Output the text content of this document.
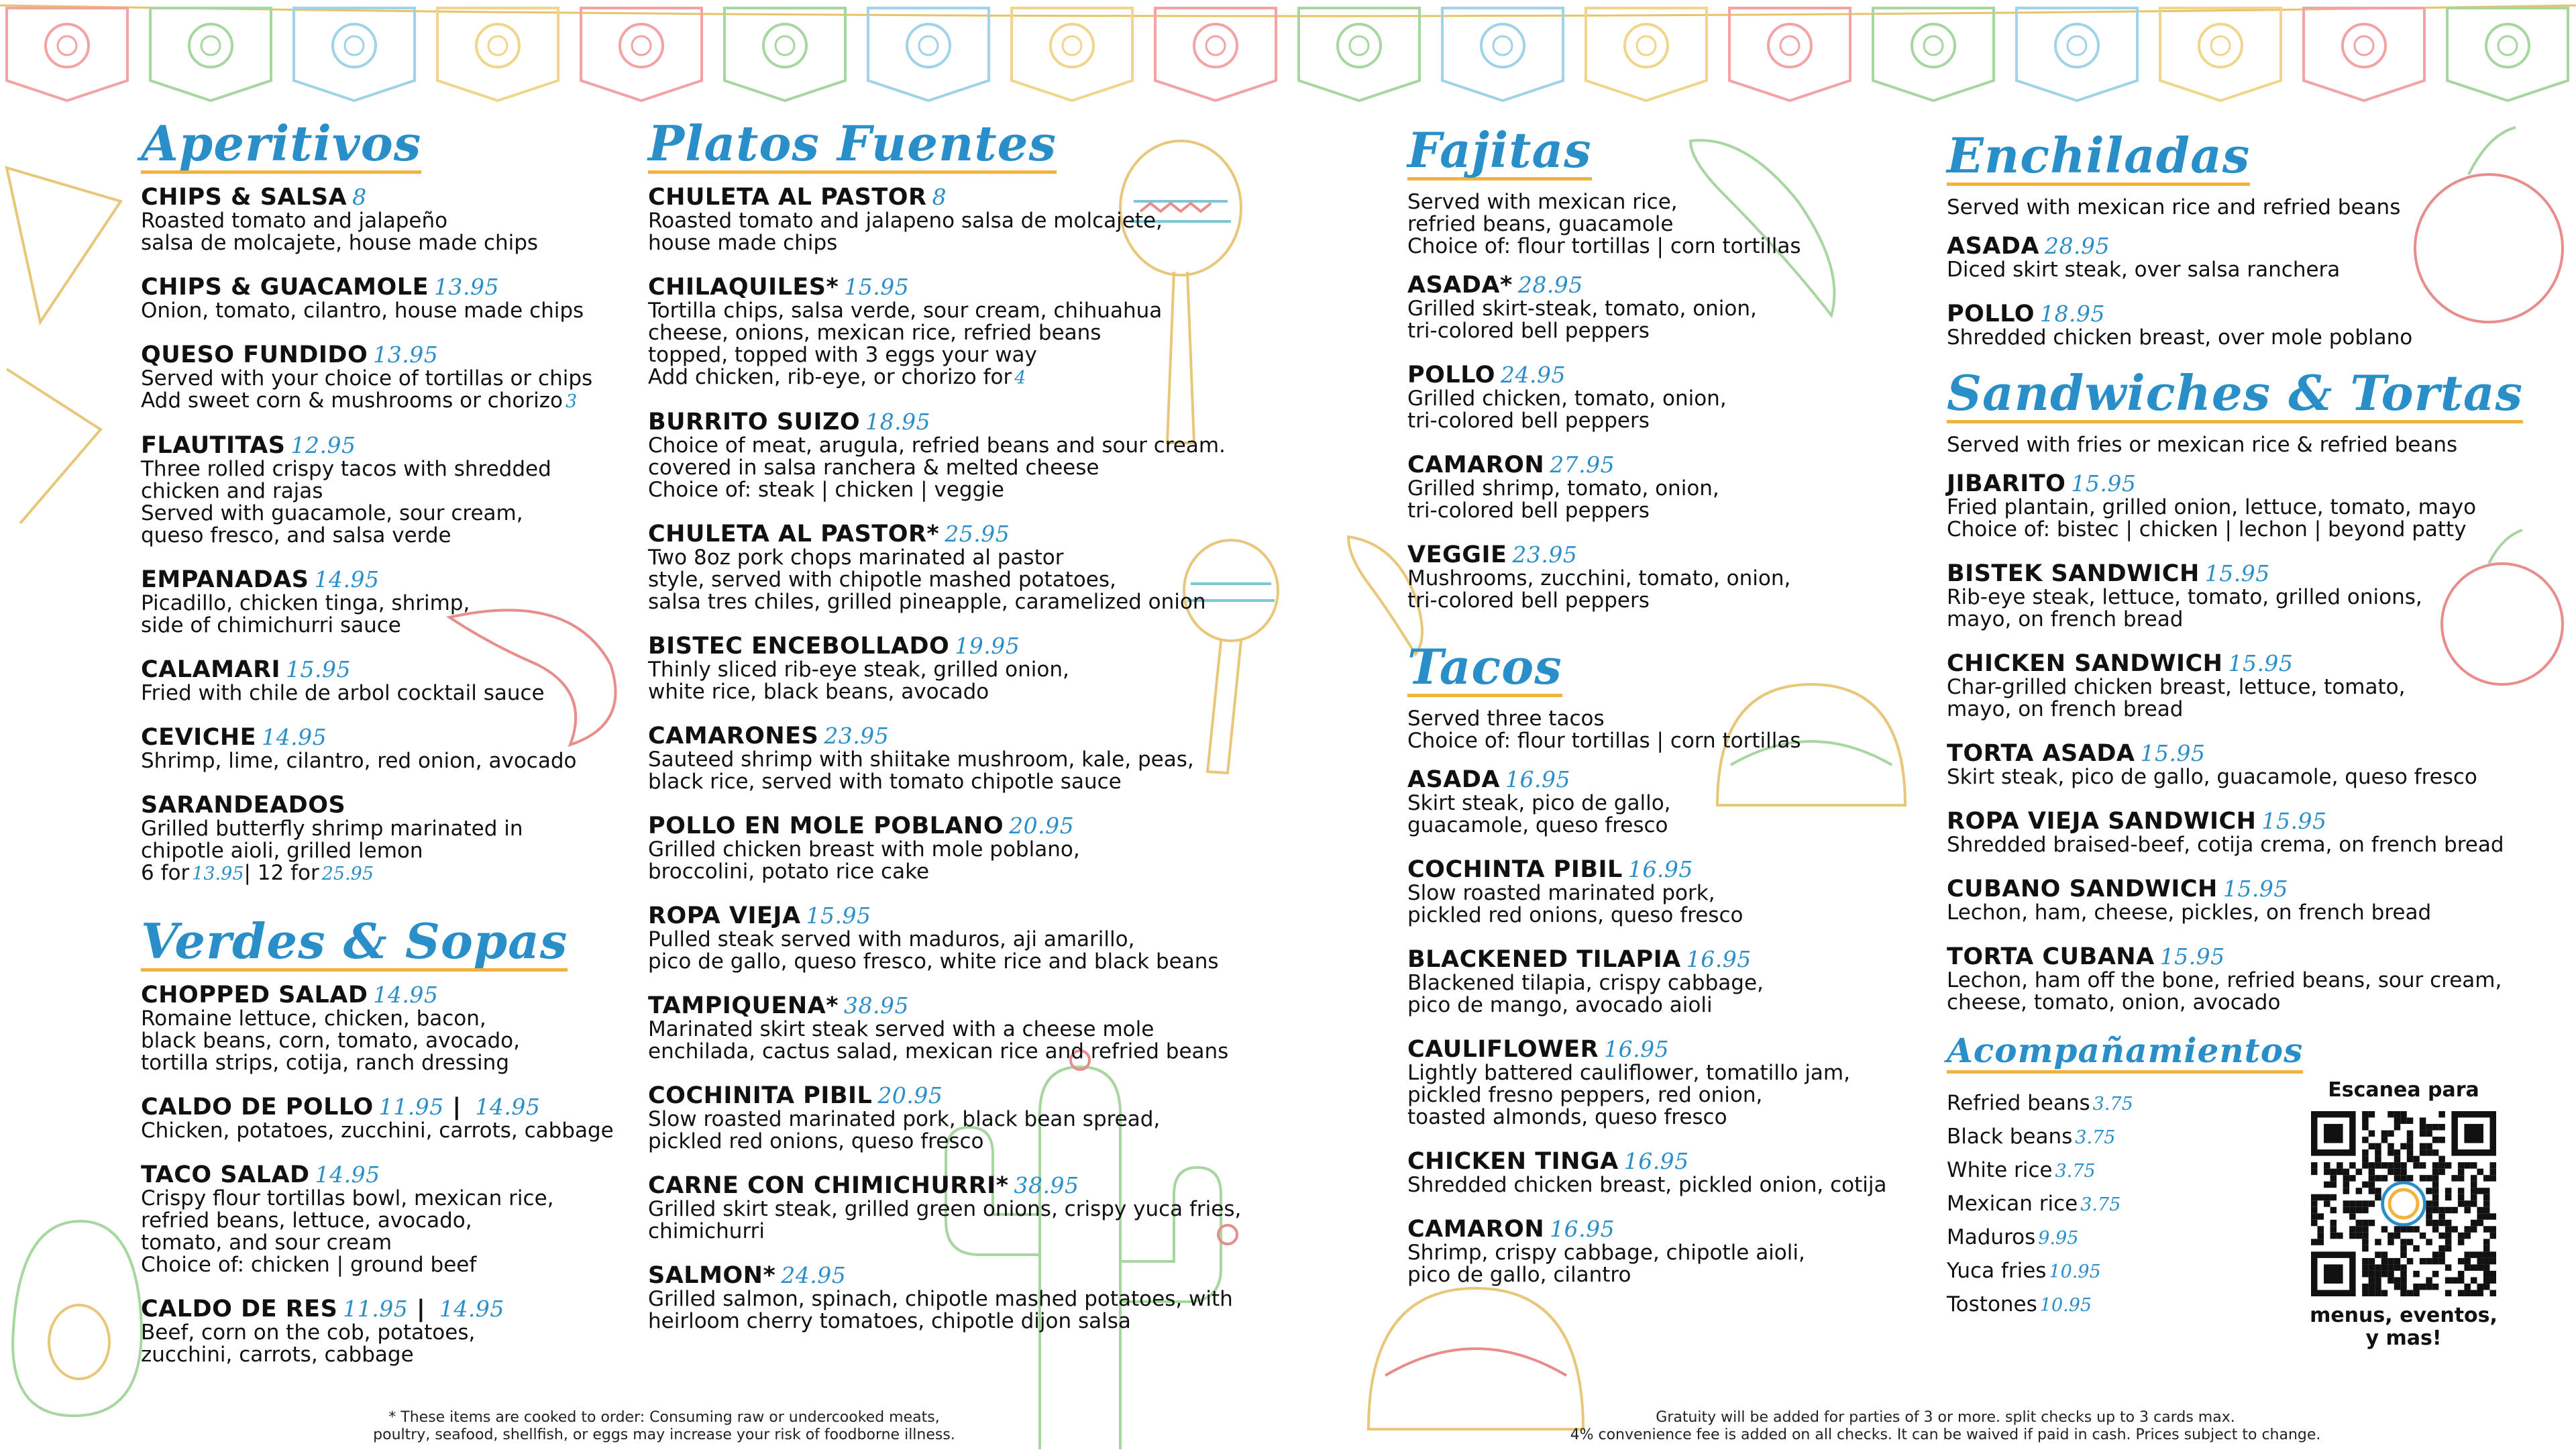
Aperitivos
CHIPS & SALSA 8
Roasted tomato and jalapeño
salsa de molcajete, house made chips
CHIPS & GUACAMOLE 13.95
Onion, tomato, cilantro, house made chips
QUESO FUNDIDO 13.95
Served with your choice of tortillas or chips
Add sweet corn & mushrooms or chorizo 3
FLAUTITAS 12.95
Three rolled crispy tacos with shredded
chicken and rajas
Served with guacamole, sour cream,
queso fresco, and salsa verde
EMPANADAS 14.95
Picadillo, chicken tinga, shrimp,
side of chimichurri sauce
CALAMARI 15.95
Fried with chile de arbol cocktail sauce
CEVICHE 14.95
Shrimp, lime, cilantro, red onion, avocado
SARANDEADOS
Grilled butterfly shrimp marinated in
chipotle aioli, grilled lemon
6 for 13.95| 12 for 25.95
Verdes & Sopas
CHOPPED SALAD 14.95
Romaine lettuce, chicken, bacon,
black beans, corn, tomato, avocado,
tortilla strips, cotija, ranch dressing
CALDO DE POLLO 11.95 | 14.95
Chicken, potatoes, zucchini, carrots, cabbage
TACO SALAD 14.95
Crispy flour tortillas bowl, mexican rice,
refried beans, lettuce, avocado,
tomato, and sour cream
Choice of: chicken | ground beef
CALDO DE RES 11.95 | 14.95
Beef, corn on the cob, potatoes,
zucchini, carrots, cabbage
Platos Fuentes
CHULETA AL PASTOR 8
Roasted tomato and jalapeno salsa de molcajete,
house made chips
CHILAQUILES* 15.95
Tortilla chips, salsa verde, sour cream, chihuahua
cheese, onions, mexican rice, refried beans
topped, topped with 3 eggs your way
Add chicken, rib-eye, or chorizo for 4
BURRITO SUIZO 18.95
Choice of meat, arugula, refried beans and sour cream.
covered in salsa ranchera & melted cheese
Choice of: steak | chicken | veggie
CHULETA AL PASTOR* 25.95
Two 8oz pork chops marinated al pastor
style, served with chipotle mashed potatoes,
salsa tres chiles, grilled pineapple, caramelized onion
BISTEC ENCEBOLLADO 19.95
Thinly sliced rib-eye steak, grilled onion,
white rice, black beans, avocado
CAMARONES 23.95
Sauteed shrimp with shiitake mushroom, kale, peas,
black rice, served with tomato chipotle sauce
POLLO EN MOLE POBLANO 20.95
Grilled chicken breast with mole poblano,
broccolini, potato rice cake
ROPA VIEJA 15.95
Pulled steak served with maduros, aji amarillo,
pico de gallo, queso fresco, white rice and black beans
TAMPIQUENA* 38.95
Marinated skirt steak served with a cheese mole
enchilada, cactus salad, mexican rice and refried beans
COCHINITA PIBIL 20.95
Slow roasted marinated pork, black bean spread,
pickled red onions, queso fresco
CARNE CON CHIMICHURRI* 38.95
Grilled skirt steak, grilled green onions, crispy yuca fries,
chimichurri
SALMON* 24.95
Grilled salmon, spinach, chipotle mashed potatoes, with
heirloom cherry tomatoes, chipotle dijon salsa
Fajitas
Served with mexican rice,
refried beans, guacamole
Choice of: flour tortillas | corn tortillas
ASADA* 28.95
Grilled skirt-steak, tomato, onion,
tri-colored bell peppers
POLLO 24.95
Grilled chicken, tomato, onion,
tri-colored bell peppers
CAMARON 27.95
Grilled shrimp, tomato, onion,
tri-colored bell peppers
VEGGIE 23.95
Mushrooms, zucchini, tomato, onion,
tri-colored bell peppers
Tacos
Served three tacos
Choice of: flour tortillas | corn tortillas
ASADA 16.95
Skirt steak, pico de gallo,
guacamole, queso fresco
COCHINTA PIBIL 16.95
Slow roasted marinated pork,
pickled red onions, queso fresco
BLACKENED TILAPIA 16.95
Blackened tilapia, crispy cabbage,
pico de mango, avocado aioli
CAULIFLOWER 16.95
Lightly battered cauliflower, tomatillo jam,
pickled fresno peppers, red onion,
toasted almonds, queso fresco
CHICKEN TINGA 16.95
Shredded chicken breast, pickled onion, cotija
CAMARON 16.95
Shrimp, crispy cabbage, chipotle aioli,
pico de gallo, cilantro
Enchiladas
Served with mexican rice and refried beans
ASADA 28.95
Diced skirt steak, over salsa ranchera
POLLO 18.95
Shredded chicken breast, over mole poblano
Sandwiches & Tortas
Served with fries or mexican rice & refried beans
JIBARITO 15.95
Fried plantain, grilled onion, lettuce, tomato, mayo
Choice of: bistec | chicken | lechon | beyond patty
BISTEK SANDWICH 15.95
Rib-eye steak, lettuce, tomato, grilled onions,
mayo, on french bread
CHICKEN SANDWICH 15.95
Char-grilled chicken breast, lettuce, tomato,
mayo, on french bread
TORTA ASADA 15.95
Skirt steak, pico de gallo, guacamole, queso fresco
ROPA VIEJA SANDWICH 15.95
Shredded braised-beef, cotija crema, on french bread
CUBANO SANDWICH 15.95
Lechon, ham, cheese, pickles, on french bread
TORTA CUBANA 15.95
Lechon, ham off the bone, refried beans, sour cream,
cheese, tomato, onion, avocado
Acompañamientos
Refried beans 3.75
Black beans 3.75
White rice 3.75
Mexican rice 3.75
Maduros 9.95
Yuca fries 10.95
Tostones 10.95
Escanea para
menus, eventos,
y mas!
* These items are cooked to order: Consuming raw or undercooked meats,
poultry, seafood, shellfish, or eggs may increase your risk of foodborne illness.
Gratuity will be added for parties of 3 or more. split checks up to 3 cards max.
4% convenience fee is added on all checks. It can be waived if paid in cash. Prices subject to change.
